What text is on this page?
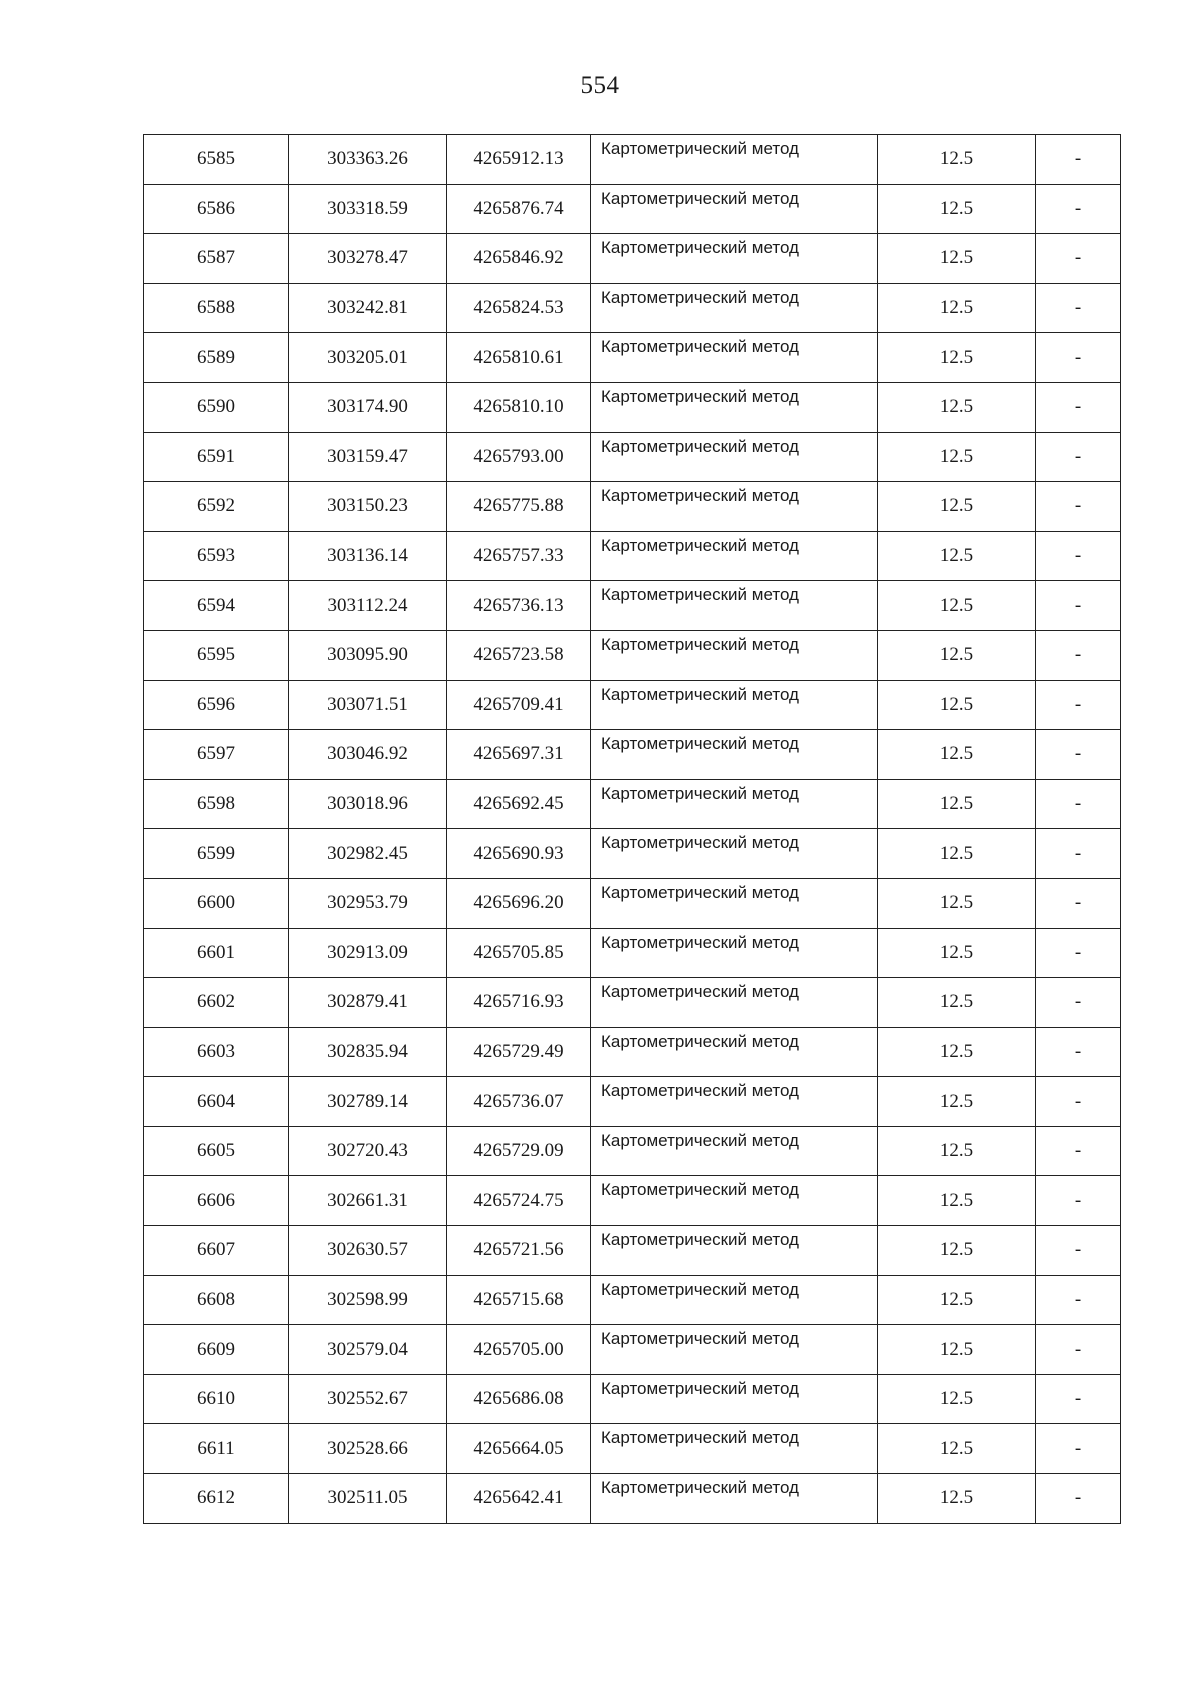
554
6585	303363.26	4265912.13	Картометрический метод	12.5	-
6586	303318.59	4265876.74	Картометрический метод	12.5	-
6587	303278.47	4265846.92	Картометрический метод	12.5	-
6588	303242.81	4265824.53	Картометрический метод	12.5	-
6589	303205.01	4265810.61	Картометрический метод	12.5	-
6590	303174.90	4265810.10	Картометрический метод	12.5	-
6591	303159.47	4265793.00	Картометрический метод	12.5	-
6592	303150.23	4265775.88	Картометрический метод	12.5	-
6593	303136.14	4265757.33	Картометрический метод	12.5	-
6594	303112.24	4265736.13	Картометрический метод	12.5	-
6595	303095.90	4265723.58	Картометрический метод	12.5	-
6596	303071.51	4265709.41	Картометрический метод	12.5	-
6597	303046.92	4265697.31	Картометрический метод	12.5	-
6598	303018.96	4265692.45	Картометрический метод	12.5	-
6599	302982.45	4265690.93	Картометрический метод	12.5	-
6600	302953.79	4265696.20	Картометрический метод	12.5	-
6601	302913.09	4265705.85	Картометрический метод	12.5	-
6602	302879.41	4265716.93	Картометрический метод	12.5	-
6603	302835.94	4265729.49	Картометрический метод	12.5	-
6604	302789.14	4265736.07	Картометрический метод	12.5	-
6605	302720.43	4265729.09	Картометрический метод	12.5	-
6606	302661.31	4265724.75	Картометрический метод	12.5	-
6607	302630.57	4265721.56	Картометрический метод	12.5	-
6608	302598.99	4265715.68	Картометрический метод	12.5	-
6609	302579.04	4265705.00	Картометрический метод	12.5	-
6610	302552.67	4265686.08	Картометрический метод	12.5	-
6611	302528.66	4265664.05	Картометрический метод	12.5	-
6612	302511.05	4265642.41	Картометрический метод	12.5	-
